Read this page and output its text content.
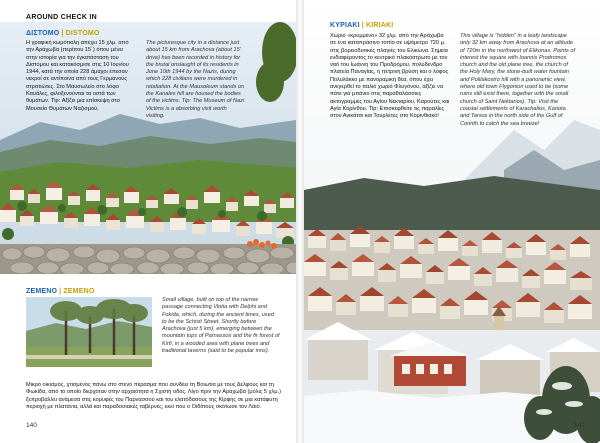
AROUND CHECK IN
ΔΙΣΤΟΜΟ | DISTOMO
Η γραφική κωμόπολη απέχει 15 χλμ. από την Αράχωβα (περίπου 15΄) όπου μένει στην ιστορία για την έγκατάσταση του Δίστομου και κατακόσμισε στις 10 Ιουνίου 1944, κατά την οποία 228 άμαχοι έπεσαν νεκροί σε αντίποινα από τους Γερμανούς στρατιώτες. Στο Μαυσωλείο στο λόφο Καυάλες, φιλοξενούνται τα οστά των θυμάτων. Tip: Αξίζει μια επίσκεψη στο Μουσείο Θυμάτων Ναζισμού.
The picturesque city in a distance just about 15 km from Arachova (about 15' drive) has been recorded in history for the brutal onslaught of its residents in June 10th 1944 by the Nazis, during which 228 civilians were murdered in retaliation. At the Mausoleum stands on the Kanales hill are housed the bodies of the victims. Tip: The Museum of Nazi Victims is a absorbing visit worth visiting.
ΖΕΜΕΝΟ | ZEMENO
Small village, built on top of the narrow passage connecting Viotia with Delphi and Fokida, which, during the ancient times, used to be the Schisti Street. Shortly before Arachova (just 5 km), emerging between the mountain tops of Parnassos and the fir forest of Kirfi, in a wooded area with plane trees and traditional taverns (said to be popular inns).
Μικρό οικισμός, χτισμένος πάνω στο στενό πέρασμα που συνδέει τη Βοιωτία με τους Δελφούς και τη Φωκίδα, από το οποίο διερχόταν στην αρχαιότητα η Σχιστή οδός. Λίγο πριν την Αράχωβα (μόλις 5 χλμ.) ξεπροβάλλει ανάμεσα στις κορυφές του Παρνασσού και του ελατόδασους της Κίρφης σε μια κατάφυτη περιοχή με πλατάνια, αλλά και παραδοσιακές ταβέρνες, εκεί που ο Οιδίπους σκότωσε τον Λάιο.
140
ΚΥΡΙΑΚΙ | KIRIAKI
Χωριό «κρυμμένο» 32 χλμ. από την Αράχωβα σε ένα καταπράσινο τοπίο σε υψόμετρο 720 μ. στις βορειοδυτικές πλαγιές του Ελικώνα. Σημεία ενδιαφέροντος το κεντρικό πλακόστρωτο με τον ναό του Ιωάννη του Προδρόμου, πολύδενδρο πλατεία Παναγίας, η πέτρινη βρύση και ο λόφος Πολυλάκκο με πανοραμική θέα, όπου έχει ανεγερθεί το παλιό χωριό Φλυγόνου, αξίζει να πάτε για μπάνιο στις παραθαλάσσιες ακτογραμμές του Αγίου Νεκταρίου, Καρούτες και Αγία Κορίνθου. Tip: Επισκεφθείτε τις παραλίες στον Ανικάτσι και Τουρλέτες στο Κορινθιακό!
This village is "hidden" in a leafy landscape only 32 km away from Arachova at an altitude of 720m in the northwest of Elikonas. Points of interest the square with Ioannis Prodromos church and the old plane tree, the church of the Holy Mary, the stone-built water fountain and Polilakostro hill with a panoramic view, where old town Flygonion used to be (some ruins still exist there, together with the small church of Saint Nektarios). Tip: Visit the coastal settlements of Karachalios, Kariota and Tarsos in the north side of the Gulf of Corinth to catch the sea breeze!
141
